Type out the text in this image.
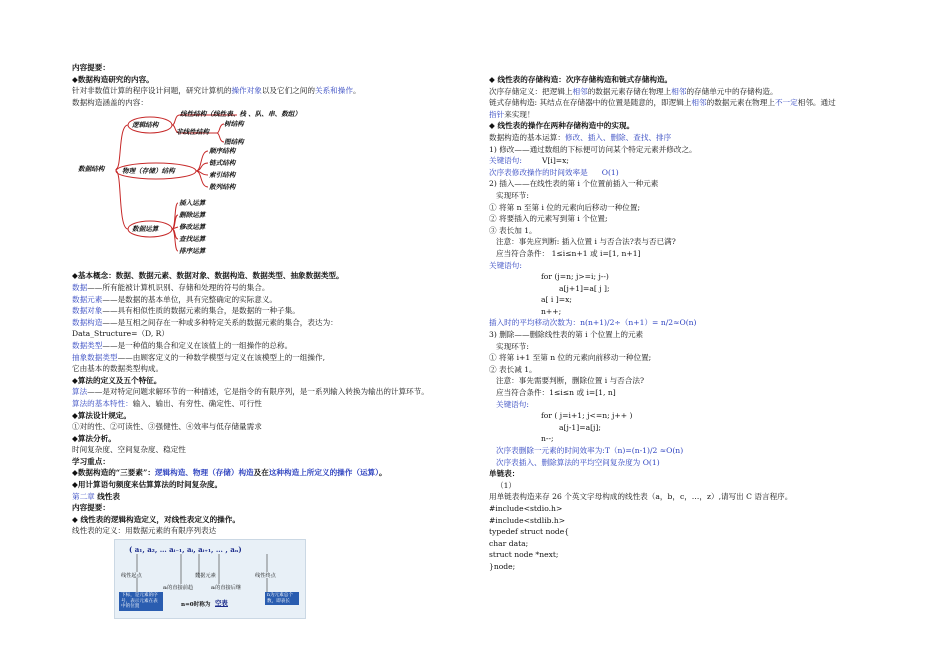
内容提要：
◆数据构造研究的内容。
针对非数值计算的程序设计问题，研究计算机的操作对象以及它们之间的关系和操作。
数据构造涵盖的内容：
数据结构
逻辑结构
线性结构（线性表、栈 、队、串、数组）
非线性结构
树结构
图结构
物理（存储）结构
顺序结构
链式结构
索引结构
散列结构
数据运算
插入运算
删除运算
修改运算
查找运算
排序运算
◆基本概念：数据、数据元素、数据对象、数据构造、数据类型、抽象数据类型。
数据——所有能被计算机识别、存储和处理的符号的集合。
数据元素——是数据的基本单位，具有完整确定的实际意义。
数据对象——具有相似性质的数据元素的集合，是数据的一种子集。
数据构造——是互相之间存在一种或多种特定关系的数据元素的集合，表达为：
Data_Structure=（D, R）
数据类型——是一种值的集合和定义在该值上的一组操作的总称。
抽象数据类型——由顾客定义的一种数学模型与定义在该模型上的一组操作,
它由基本的数据类型构成。
◆算法的定义及五个特征。
算法——是对特定问题求解环节的一种描述，它是指令的有限序列，是一系列输入转换为输出的计算环节。
算法的基本特性：输入、输出、有穷性、确定性、可行性
◆算法设计规定。
①对的性、②可读性、③强健性、④效率与低存储量需求
◆算法分析。
时间复杂度、空间复杂度、稳定性
学习重点：
◆数据构造的“三要素”：逻辑构造、物理（存储）构造及在这种构造上所定义的操作（运算）。
◆用计算语句频度来估算算法的时间复杂度。
第二章 线性表
内容提要：
◆ 线性表的逻辑构造定义，对线性表定义的操作。
线性表的定义：用数据元素的有限序列表达
( a₁, a₂, … aᵢ₋₁, aᵢ, aᵢ₊₁, … , aₙ)
数据元素
线性起点
aᵢ的直接前趋	aᵢ的直接后继
线性终点
下标，是元素的序号，表示元素在表中的位置	n=0时称为 空表
n为元素总个数，即表长
◆ 线性表的存储构造：次序存储构造和链式存储构造。
次序存储定义：把逻辑上相邻的数据元素存储在物理上相邻的存储单元中的存储构造。
链式存储构造: 其结点在存储器中的位置是随意的，即逻辑上相邻的数据元素在物理上不一定相邻。通过
指针来实现！
◆ 线性表的操作在两种存储构造中的实现。
数据构造的基本运算：修改、插入、删除、查找、排序
1) 修改——通过数组的下标便可访问某个特定元素并修改之。
关键语句:	V[i]=x;
次序表修改操作的时间效率是 O(1)
2) 插入——在线性表的第 i 个位置前插入一种元素
实现环节:
① 将第 n 至第 i 位的元素向后移动一种位置;
② 将要插入的元素写到第 i 个位置;
③ 表长加 1。
注意：事先应判断: 插入位置 i 与否合法?表与否已满?
应当符合条件： 1≤i≤n+1 或 i=[1, n+1]
关键语句:
for (j=n; j>=i; j--)
a[j+1]=a[ j ];
a[ i ]=x;
n++;
插入时的平均移动次数为：n(n+1)/2÷（n+1）= n/2≈O(n)
3) 删除——删除线性表的第 i 个位置上的元素
实现环节:
① 将第 i+1 至第 n 位的元素向前移动一种位置;
② 表长减 1。
注意：事先需要判断，删除位置 i 与否合法?
应当符合条件：1≤i≤n 或 i=[1, n]
关键语句:
for ( j=i+1; j<=n; j++ )
a[j-1]=a[j];
n--;
次序表删除一元素的时间效率为:T（n)=(n-1)/2 ≈O(n)
次序表插入、删除算法的平均空间复杂度为 O(1)
单链表：
（1）
用单链表构造来存 26 个英文字母构成的线性表（a，b，c，…，z）,请写出 C 语言程序。
#include<stdio.h>
#include<stdlib.h>
typedef struct node{
char data;
struct node *next;
}node;
